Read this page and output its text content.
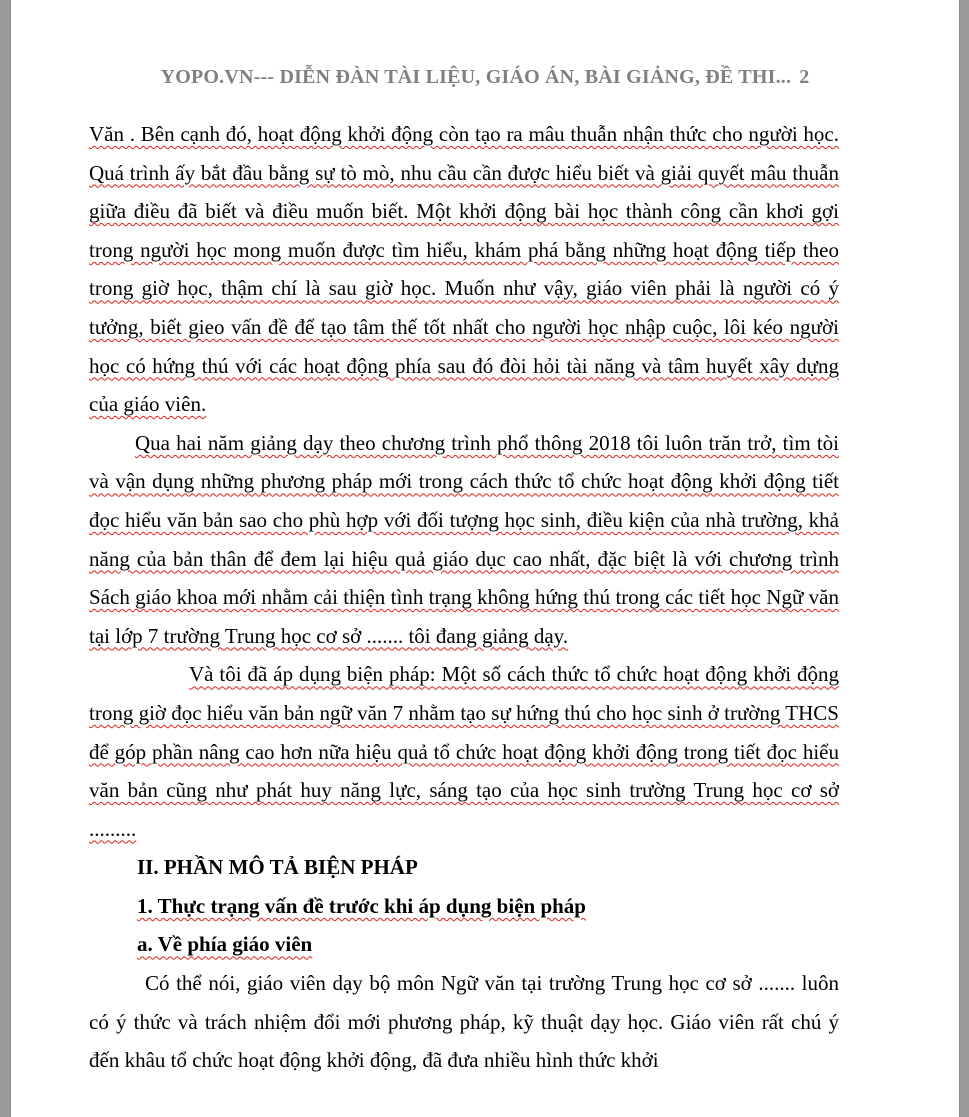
YOPO.VN--- DIỄN ĐÀN TÀI LIỆU, GIÁO ÁN, BÀI GIẢNG, ĐỀ THI... 2

Văn . Bên cạnh đó, hoạt động khởi động còn tạo ra mâu thuẫn nhận thức cho người học. Quá trình ấy bắt đầu bằng sự tò mò, nhu cầu cần được hiểu biết và giải quyết mâu thuẫn giữa điều đã biết và điều muốn biết. Một khởi động bài học thành công cần khơi gợi trong người học mong muốn được tìm hiểu, khám phá bằng những hoạt động tiếp theo trong giờ học, thậm chí là sau giờ học. Muốn như vậy, giáo viên phải là người có ý tưởng, biết gieo vấn đề để tạo tâm thế tốt nhất cho người học nhập cuộc, lôi kéo người học có hứng thú với các hoạt động phía sau đó đòi hỏi tài năng và tâm huyết xây dựng của giáo viên.

Qua hai năm giảng dạy theo chương trình phổ thông 2018 tôi luôn trăn trở, tìm tòi và vận dụng những phương pháp mới trong cách thức tổ chức hoạt động khởi động tiết đọc hiểu văn bản sao cho phù hợp với đối tượng học sinh, điều kiện của nhà trường, khả năng của bản thân để đem lại hiệu quả giáo dục cao nhất, đặc biệt là với chương trình Sách giáo khoa mới nhằm cải thiện tình trạng không hứng thú trong các tiết học Ngữ văn tại lớp 7 trường Trung học cơ sở ....... tôi đang giảng dạy.

Và tôi đã áp dụng biện pháp: Một số cách thức tổ chức hoạt động khởi động trong giờ đọc hiểu văn bản ngữ văn 7 nhằm tạo sự hứng thú cho học sinh ở trường THCS để góp phần nâng cao hơn nữa hiệu quả tổ chức hoạt động khởi động trong tiết đọc hiểu văn bản cũng như phát huy năng lực, sáng tạo của học sinh trường Trung học cơ sở .........

II. PHẦN MÔ TẢ BIỆN PHÁP

1. Thực trạng vấn đề trước khi áp dụng biện pháp

a. Về phía giáo viên

Có thể nói, giáo viên dạy bộ môn Ngữ văn tại trường Trung học cơ sở ....... luôn có ý thức và trách nhiệm đổi mới phương pháp, kỹ thuật dạy học. Giáo viên rất chú ý đến khâu tổ chức hoạt động khởi động, đã đưa nhiều hình thức khởi
